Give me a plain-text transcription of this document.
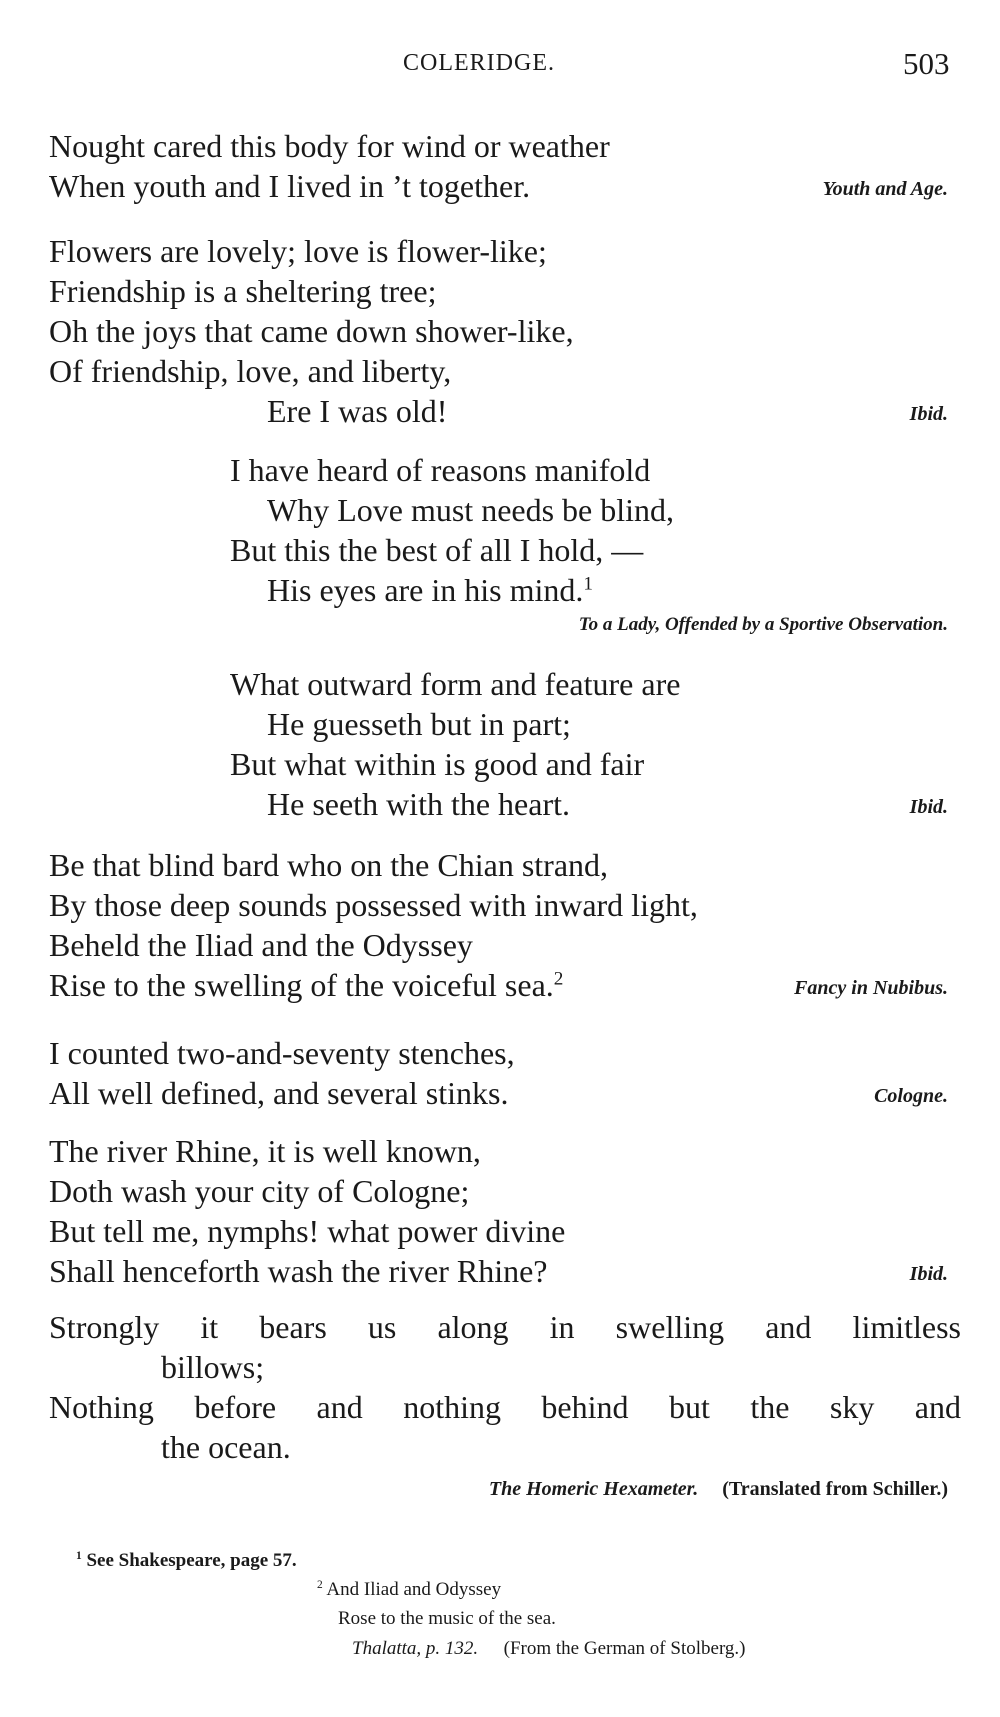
COLERIDGE.	503
Nought cared this body for wind or weather
When youth and I lived in ’t together.	Youth and Age.
Flowers are lovely; love is flower-like;
Friendship is a sheltering tree;
Oh the joys that came down shower-like,
Of friendship, love, and liberty,
Ere I was old!	Ibid.
I have heard of reasons manifold
Why Love must needs be blind,
But this the best of all I hold, —
His eyes are in his mind.$^1$
To a Lady, Offended by a Sportive Observation.
What outward form and feature are
He guesseth but in part;
But what within is good and fair
He seeth with the heart.	Ibid.
Be that blind bard who on the Chian strand,
By those deep sounds possessed with inward light,
Beheld the Iliad and the Odyssey
Rise to the swelling of the voiceful sea.$^2$	Fancy in Nubibus.
I counted two-and-seventy stenches,
All well defined, and several stinks.	Cologne.
The river Rhine, it is well known,
Doth wash your city of Cologne;
But tell me, nymphs! what power divine
Shall henceforth wash the river Rhine?	Ibid.
Strongly it bears us along in swelling and limitless
billows;
Nothing before and nothing behind but the sky and
the ocean.
The Homeric Hexameter. (Translated from Schiller.)
$^1$ See Shakespeare, page 57.
$^2$ And Iliad and Odyssey
Rose to the music of the sea.
Thalatta, p. 132. (From the German of Stolberg.)
